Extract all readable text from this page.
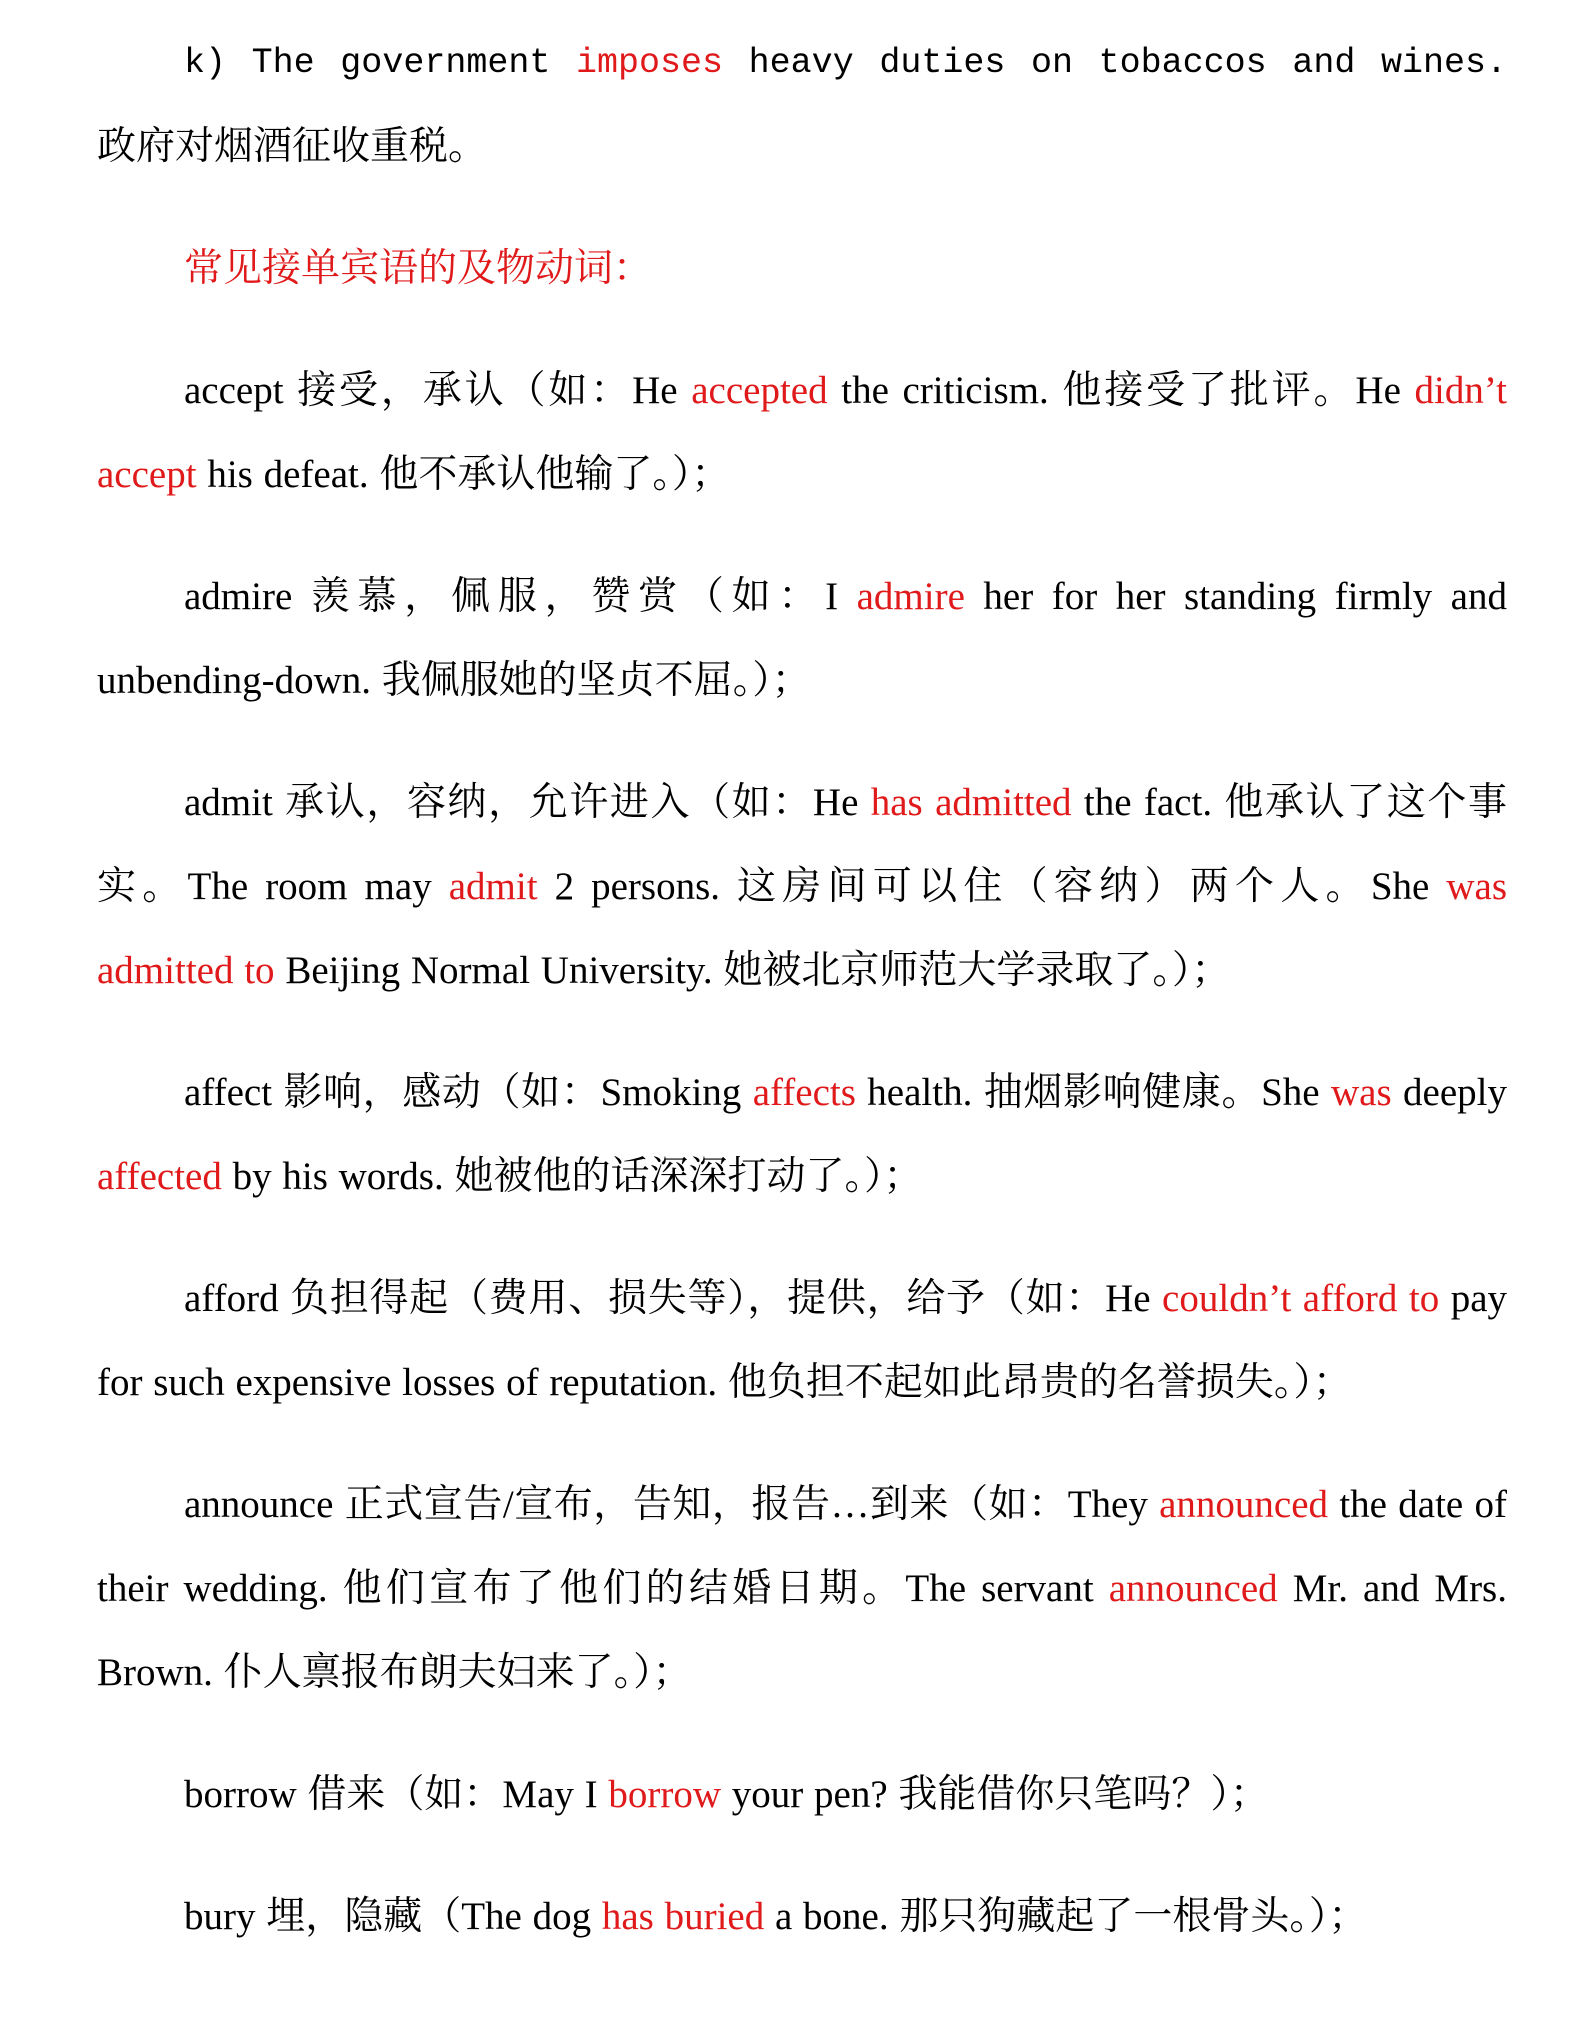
k) The government imposes heavy duties on tobaccos and wines. 政府对烟酒征收重税。

常见接单宾语的及物动词：

accept 接受，承认（如：He accepted the criticism. 他接受了批评。He didn’t accept his defeat. 他不承认他输了。）；

admire 羡慕，佩服，赞赏（如：I admire her for her standing firmly and unbending-down. 我佩服她的坚贞不屈。）；

admit 承认，容纳，允许进入（如：He has admitted the fact. 他承认了这个事实。The room may admit 2 persons. 这房间可以住（容纳）两个人。She was admitted to Beijing Normal University. 她被北京师范大学录取了。）；

affect 影响，感动（如：Smoking affects health. 抽烟影响健康。She was deeply affected by his words. 她被他的话深深打动了。）；

afford 负担得起（费用、损失等），提供，给予（如：He couldn’t afford to pay for such expensive losses of reputation. 他负担不起如此昂贵的名誉损失。）；

announce 正式宣告/宣布，告知，报告…到来（如：They announced the date of their wedding. 他们宣布了他们的结婚日期。The servant announced Mr. and Mrs. Brown. 仆人禀报布朗夫妇来了。）；

borrow 借来（如：May I borrow your pen? 我能借你只笔吗？）；

bury 埋，隐藏（The dog has buried a bone. 那只狗藏起了一根骨头。）；
